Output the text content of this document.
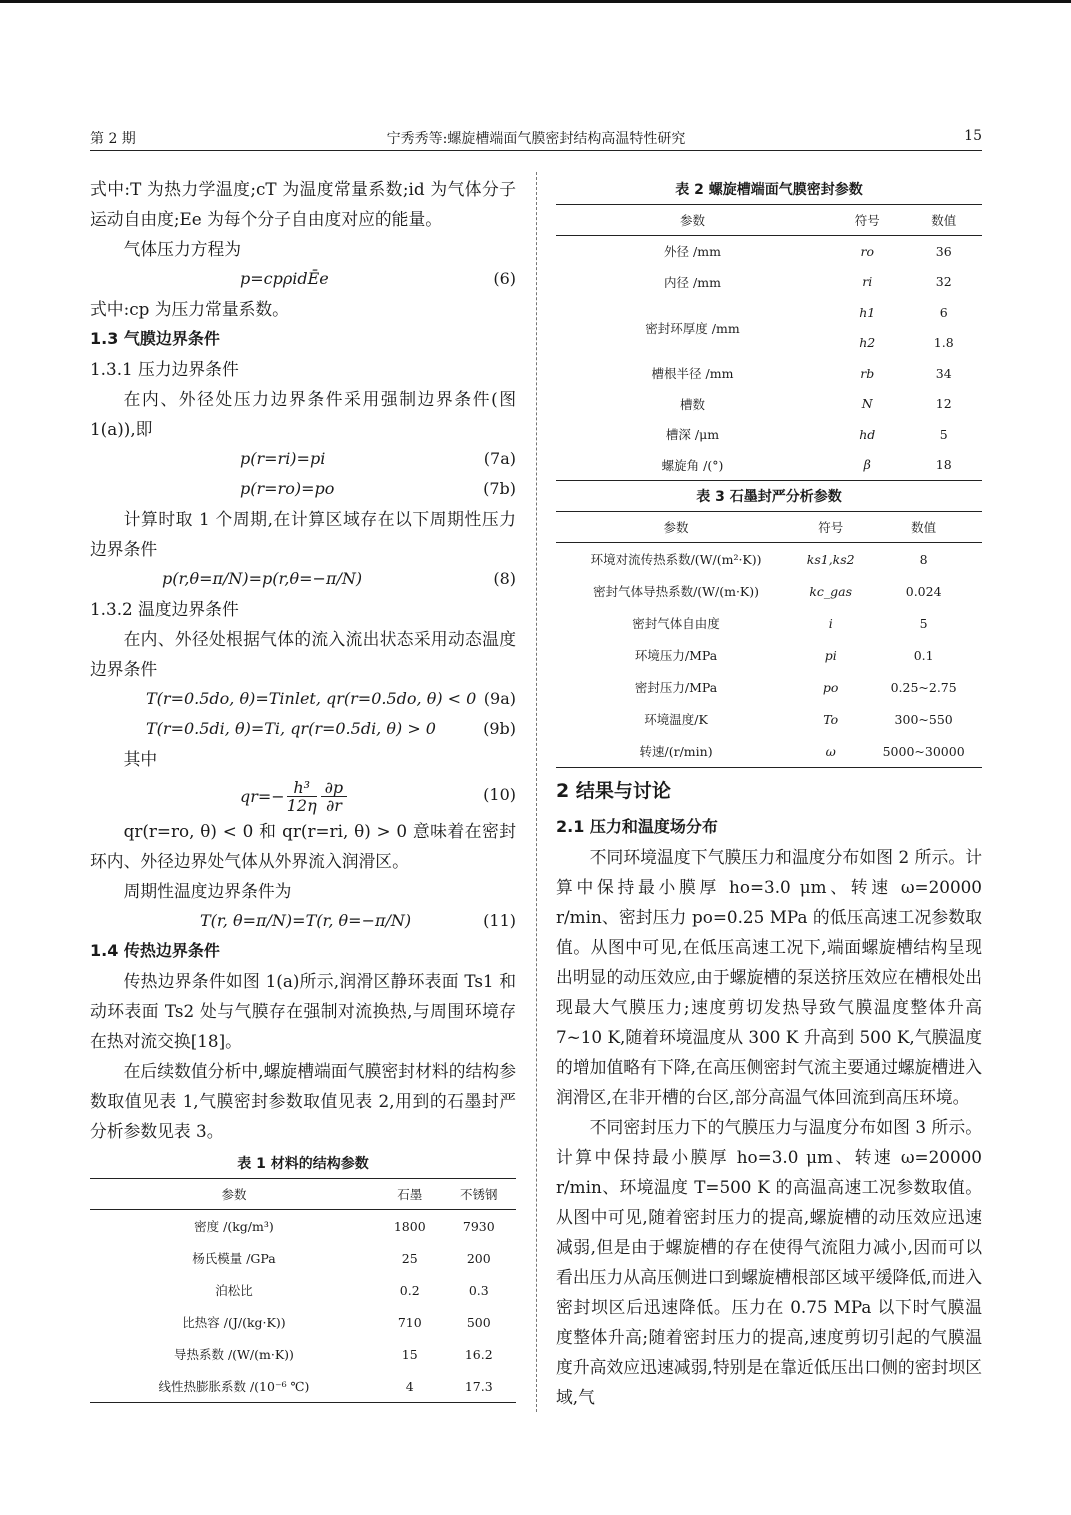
第 2 期	宁秀秀等:螺旋槽端面气膜密封结构高温特性研究	15

式中:T 为热力学温度;cT 为温度常量系数;id 为气体分子运动自由度;Ee 为每个分子自由度对应的能量。

气体压力方程为

p=cpρidĒe	(6)

式中:cp 为压力常量系数。

1.3 气膜边界条件

1.3.1 压力边界条件

在内、外径处压力边界条件采用强制边界条件(图 1(a)),即

p(r=ri)=pi	(7a)
p(r=ro)=po	(7b)

计算时取 1 个周期,在计算区域存在以下周期性压力边界条件

p(r,θ=π/N)=p(r,θ=−π/N)	(8)

1.3.2 温度边界条件

在内、外径处根据气体的流入流出状态采用动态温度边界条件

T(r=0.5do, θ)=Tinlet, qr(r=0.5do, θ) < 0 (9a)
T(r=0.5di, θ)=Ti, qr(r=0.5di, θ) > 0	(9b)

其中

$qr=- \frac{\text{h³}}{12\eta} \frac{\partial p}{\partial r}$	(10)

qr(r=ro, θ) < 0 和 qr(r=ri, θ) > 0 意味着在密封环内、外径边界处气体从外界流入润滑区。

周期性温度边界条件为

T(r, θ=π/N)=T(r, θ=−π/N)	(11)

1.4 传热边界条件

传热边界条件如图 1(a)所示,润滑区静环表面 Ts1 和动环表面 Ts2 处与气膜存在强制对流换热,与周围环境存在热对流交换[18]。

在后续数值分析中,螺旋槽端面气膜密封材料的结构参数取值见表 1,气膜密封参数取值见表 2,用到的石墨封严分析参数见表 3。

表 1 材料的结构参数

参数	石墨	不锈钢
密度 /(kg/m³)	1800	7930
杨氏模量 /GPa	25	200
泊松比	0.2	0.3
比热容 /(J/(kg·K))	710	500
导热系数 /(W/(m·K))	15	16.2
线性热膨胀系数 /(10⁻⁶ ℃)	4	17.3

表 2 螺旋槽端面气膜密封参数

参数	符号	数值
外径 /mm	ro	36
内径 /mm	ri	32
密封环厚度 /mm	h1	6
	h2	1.8
槽根半径 /mm	rb	34
槽数	N	12
槽深 /μm	hd	5
螺旋角 /(°)	β	18

表 3 石墨封严分析参数

参数	符号	数值
环境对流传热系数/(W/(m²·K))	ks1,ks2	8
密封气体导热系数/(W/(m·K))	kc_gas	0.024
密封气体自由度	i	5
环境压力/MPa	pi	0.1
密封压力/MPa	po	0.25~2.75
环境温度/K	To	300~550
转速/(r/min)	ω	5000~30000

2 结果与讨论

2.1 压力和温度场分布

不同环境温度下气膜压力和温度分布如图 2 所示。计算中保持最小膜厚 ho=3.0 μm、转速 ω=20000 r/min、密封压力 po=0.25 MPa 的低压高速工况参数取值。从图中可见,在低压高速工况下,端面螺旋槽结构呈现出明显的动压效应,由于螺旋槽的泵送挤压效应在槽根处出现最大气膜压力;速度剪切发热导致气膜温度整体升高 7~10 K,随着环境温度从 300 K 升高到 500 K,气膜温度的增加值略有下降,在高压侧密封气流主要通过螺旋槽进入润滑区,在非开槽的台区,部分高温气体回流到高压环境。

不同密封压力下的气膜压力与温度分布如图 3 所示。计算中保持最小膜厚 ho=3.0 μm、转速 ω=20000 r/min、环境温度 T=500 K 的高温高速工况参数取值。从图中可见,随着密封压力的提高,螺旋槽的动压效应迅速减弱,但是由于螺旋槽的存在使得气流阻力减小,因而可以看出压力从高压侧进口到螺旋槽根部区域平缓降低,而进入密封坝区后迅速降低。压力在 0.75 MPa 以下时气膜温度整体升高;随着密封压力的提高,速度剪切引起的气膜温度升高效应迅速减弱,特别是在靠近低压出口侧的密封坝区域,气
